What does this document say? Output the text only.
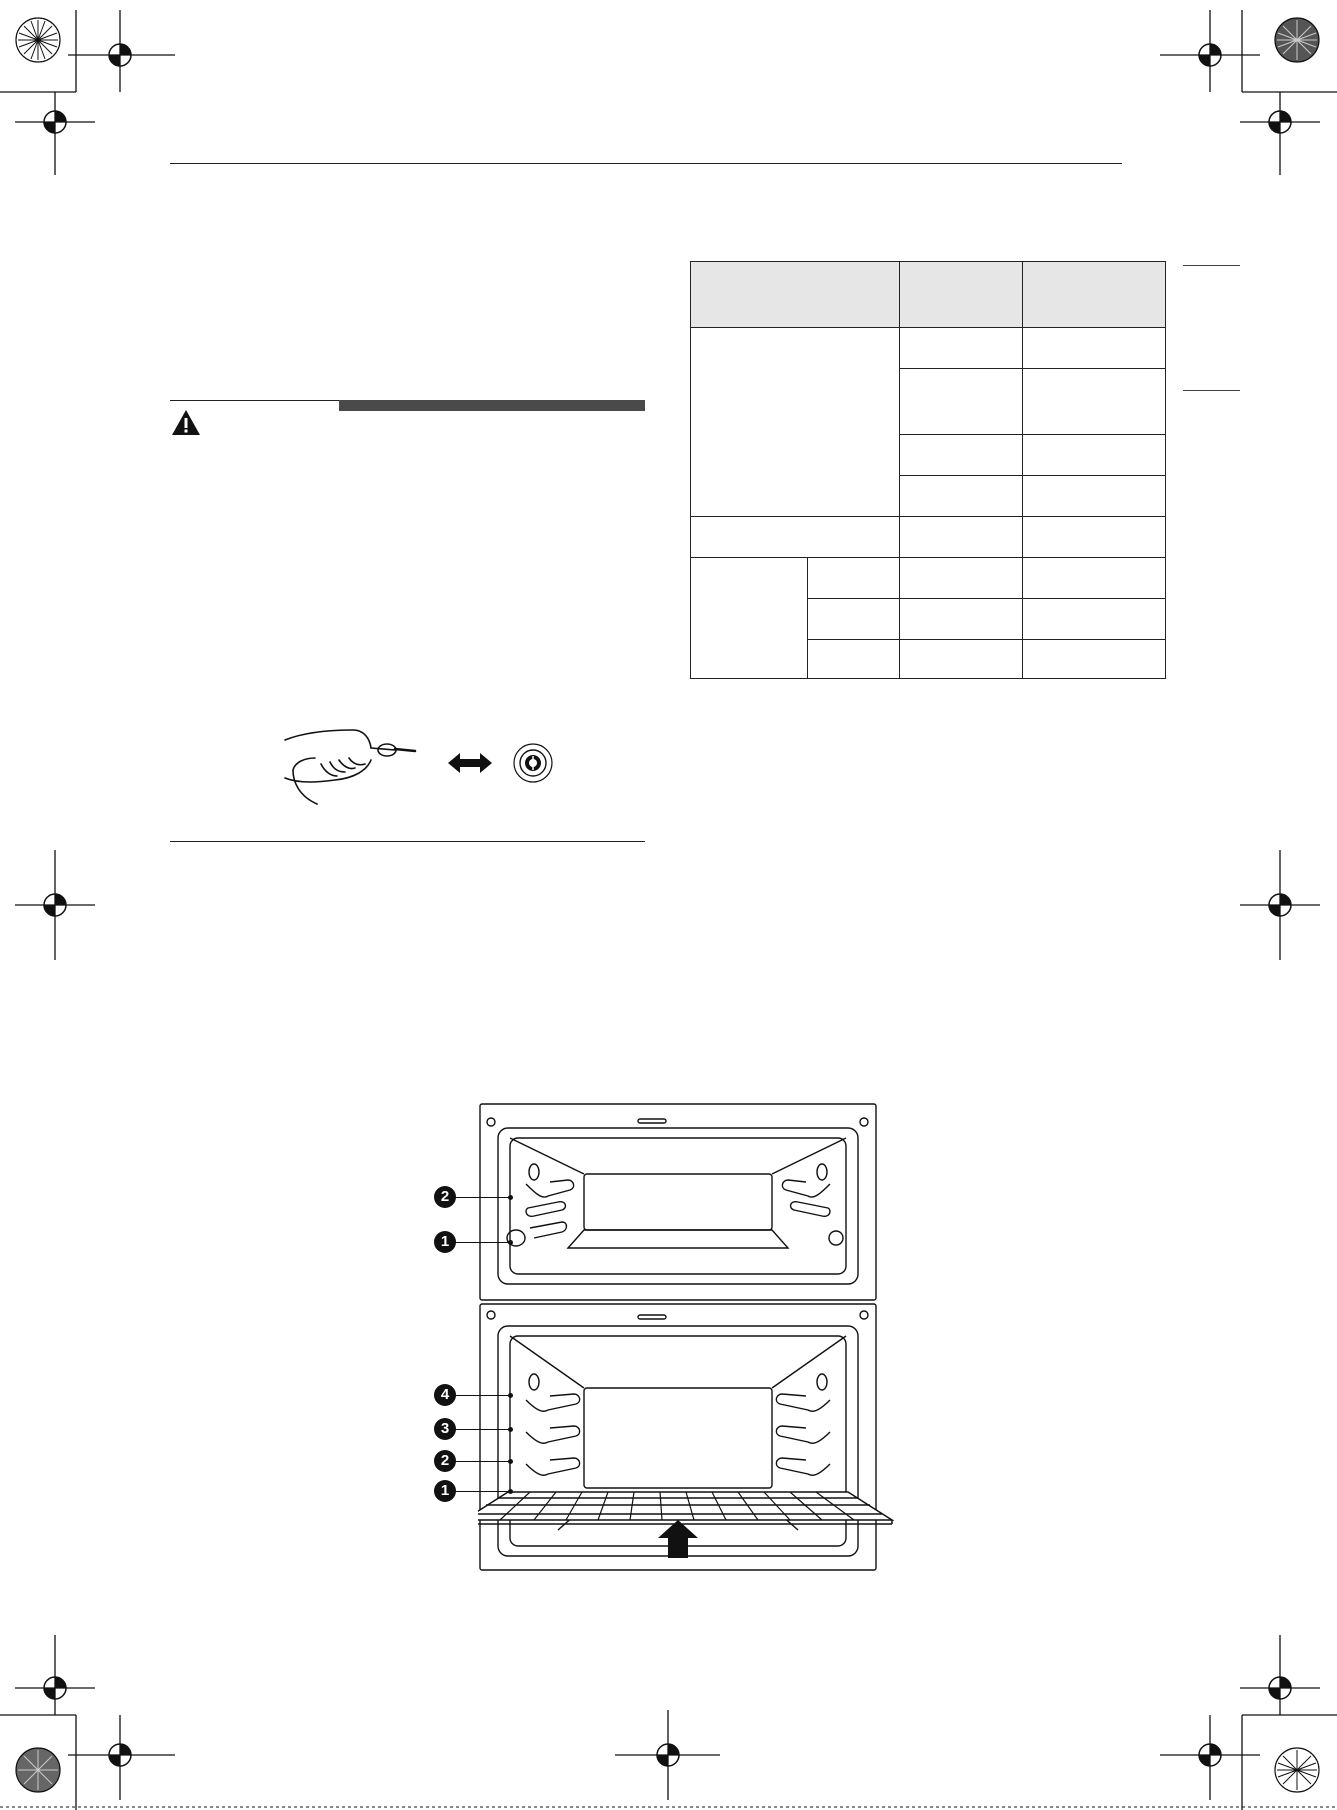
2
1
4
3
2
1
